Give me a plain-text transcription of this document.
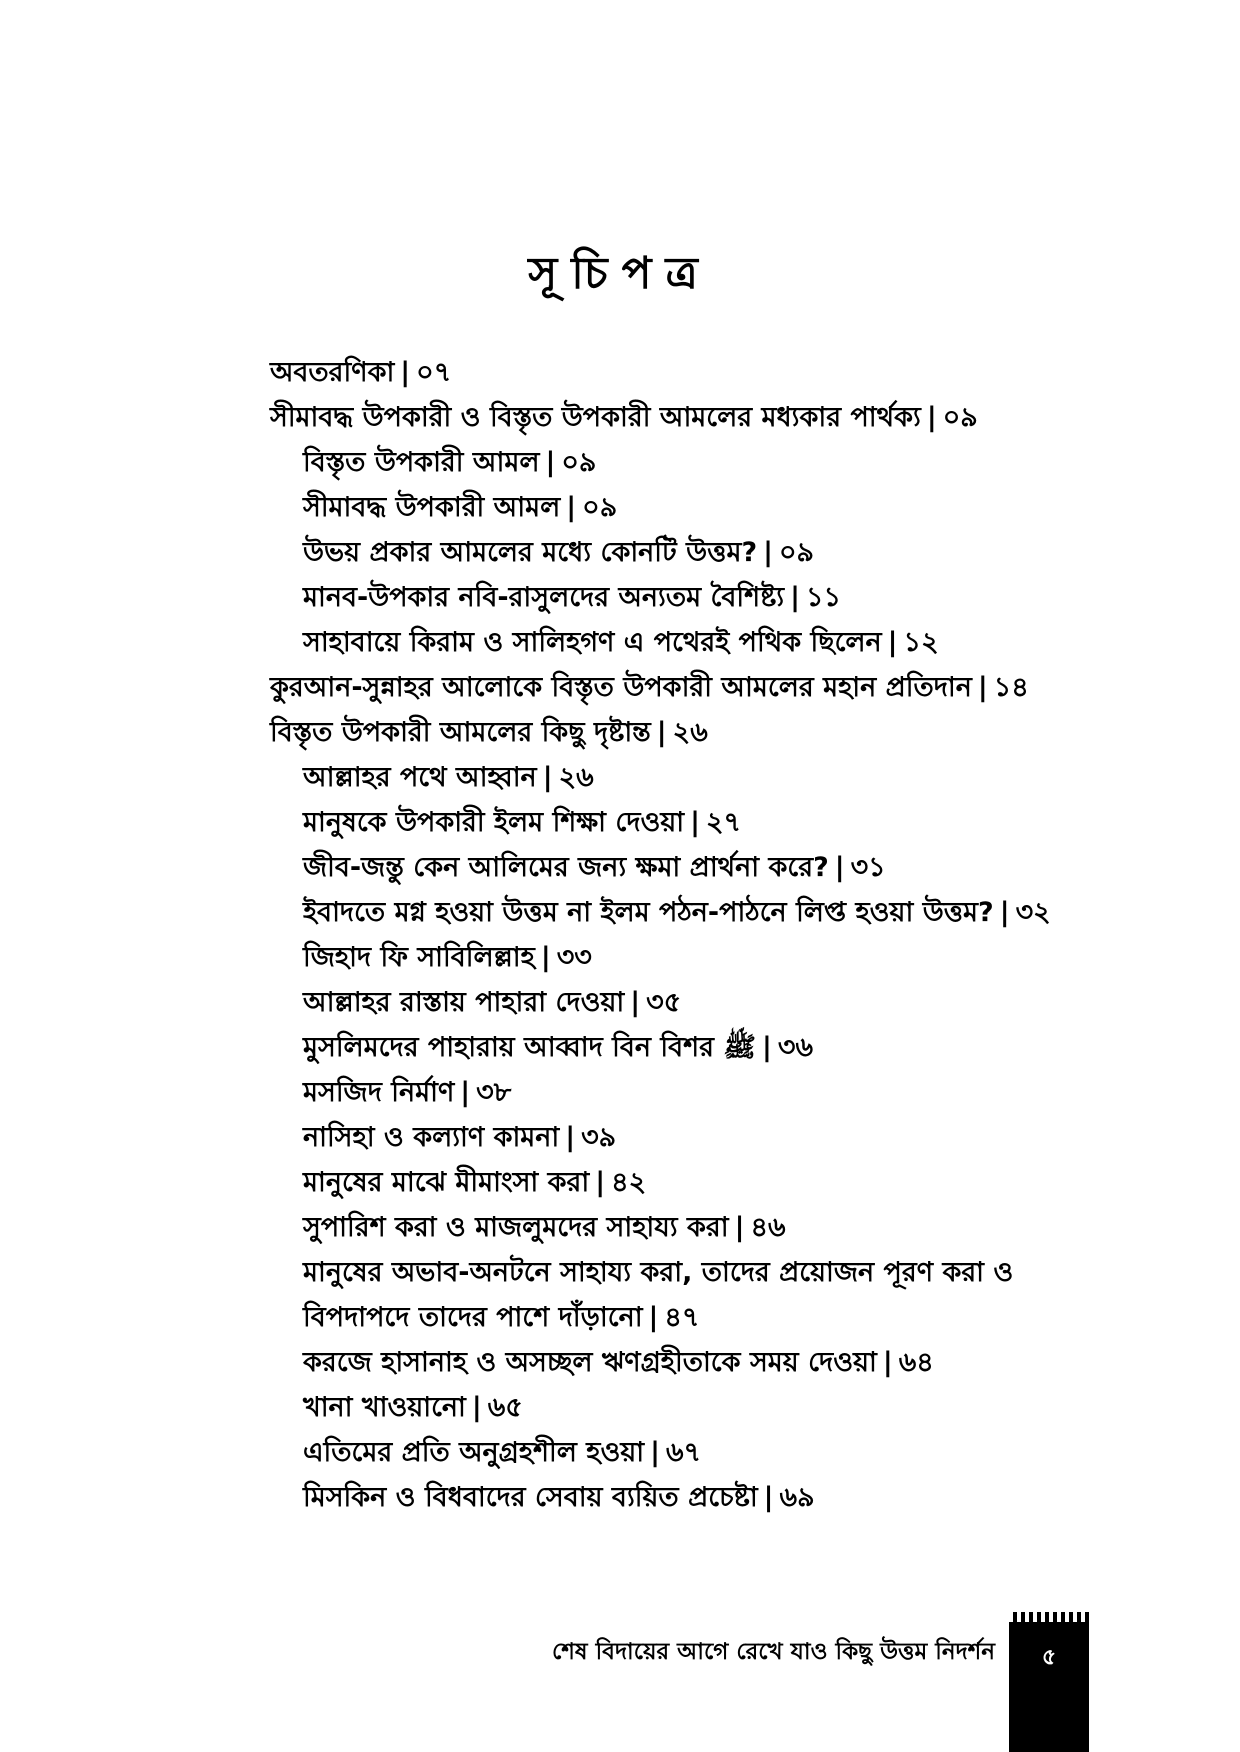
সূচিপত্র
অবতরণিকা | ০৭
সীমাবদ্ধ উপকারী ও বিস্তৃত উপকারী আমলের মধ্যকার পার্থক্য | ০৯
বিস্তৃত উপকারী আমল | ০৯
সীমাবদ্ধ উপকারী আমল | ০৯
উভয় প্রকার আমলের মধ্যে কোনটি উত্তম? | ০৯
মানব-উপকার নবি-রাসুলদের অন্যতম বৈশিষ্ট্য | ১১
সাহাবায়ে কিরাম ও সালিহগণ এ পথেরই পথিক ছিলেন | ১২
কুরআন-সুন্নাহর আলোকে বিস্তৃত উপকারী আমলের মহান প্রতিদান | ১৪
বিস্তৃত উপকারী আমলের কিছু দৃষ্টান্ত | ২৬
আল্লাহর পথে আহ্বান | ২৬
মানুষকে উপকারী ইলম শিক্ষা দেওয়া | ২৭
জীব-জন্তু কেন আলিমের জন্য ক্ষমা প্রার্থনা করে? | ৩১
ইবাদতে মগ্ন হওয়া উত্তম না ইলম পঠন-পাঠনে লিপ্ত হওয়া উত্তম? | ৩২
জিহাদ ফি সাবিলিল্লাহ | ৩৩
আল্লাহর রাস্তায় পাহারা দেওয়া | ৩৫
মুসলিমদের পাহারায় আব্বাদ বিন বিশর ﷺ | ৩৬
মসজিদ নির্মাণ | ৩৮
নাসিহা ও কল্যাণ কামনা | ৩৯
মানুষের মাঝে মীমাংসা করা | ৪২
সুপারিশ করা ও মাজলুমদের সাহায্য করা | ৪৬
মানুষের অভাব-অনটনে সাহায্য করা, তাদের প্রয়োজন পূরণ করা ও
বিপদাপদে তাদের পাশে দাঁড়ানো | ৪৭
করজে হাসানাহ ও অসচ্ছল ঋণগ্রহীতাকে সময় দেওয়া | ৬৪
খানা খাওয়ানো | ৬৫
এতিমের প্রতি অনুগ্রহশীল হওয়া | ৬৭
মিসকিন ও বিধবাদের সেবায় ব্যয়িত প্রচেষ্টা | ৬৯
শেষ বিদায়ের আগে রেখে যাও কিছু উত্তম নিদর্শন	৫
